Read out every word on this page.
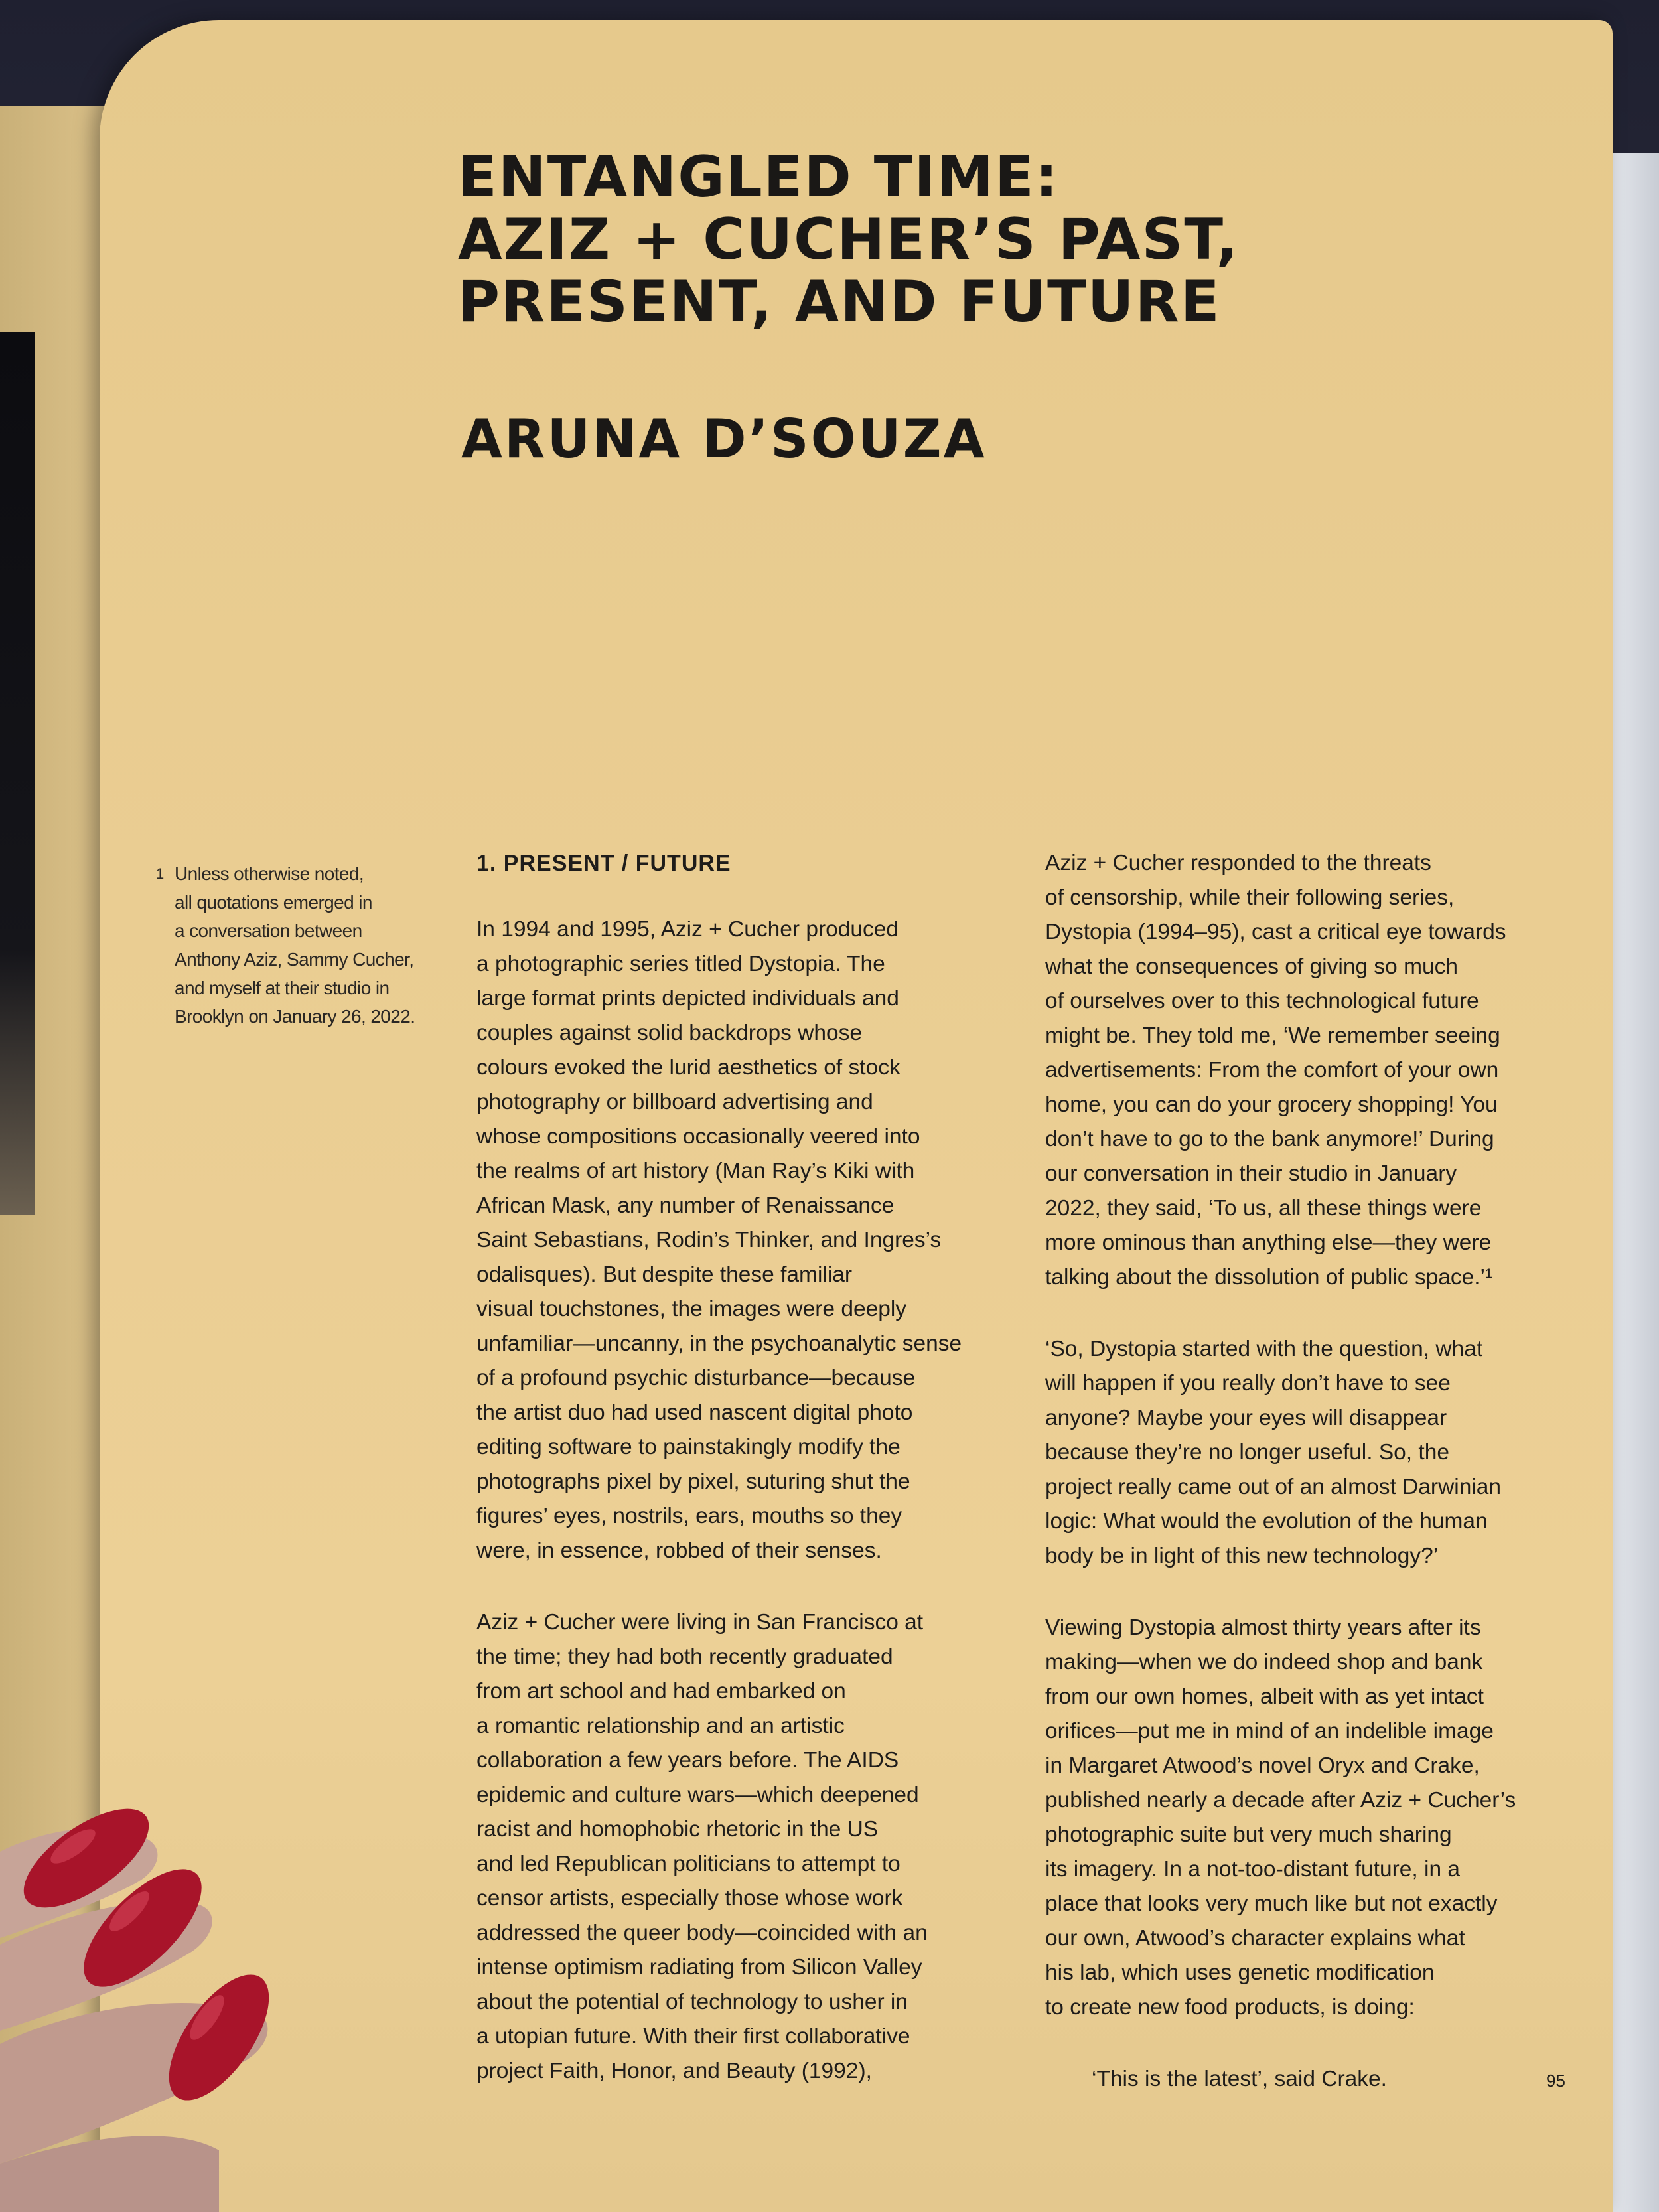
ENTANGLED TIME:
AZIZ + CUCHER’S PAST,
PRESENT, AND FUTURE
ARUNA D’SOUZA
1 Unless otherwise noted,
all quotations emerged in
a conversation between
Anthony Aziz, Sammy Cucher,
and myself at their studio in
Brooklyn on January 26, 2022.
1. PRESENT / FUTURE
In 1994 and 1995, Aziz + Cucher produced
a photographic series titled Dystopia. The
large format prints depicted individuals and
couples against solid backdrops whose
colours evoked the lurid aesthetics of stock
photography or billboard advertising and
whose compositions occasionally veered into
the realms of art history (Man Ray’s Kiki with
African Mask, any number of Renaissance
Saint Sebastians, Rodin’s Thinker, and Ingres’s
odalisques). But despite these familiar
visual touchstones, the images were deeply
unfamiliar—uncanny, in the psychoanalytic sense
of a profound psychic disturbance—because
the artist duo had used nascent digital photo
editing software to painstakingly modify the
photographs pixel by pixel, suturing shut the
figures’ eyes, nostrils, ears, mouths so they
were, in essence, robbed of their senses.
Aziz + Cucher were living in San Francisco at
the time; they had both recently graduated
from art school and had embarked on
a romantic relationship and an artistic
collaboration a few years before. The AIDS
epidemic and culture wars—which deepened
racist and homophobic rhetoric in the US
and led Republican politicians to attempt to
censor artists, especially those whose work
addressed the queer body—coincided with an
intense optimism radiating from Silicon Valley
about the potential of technology to usher in
a utopian future. With their first collaborative
project Faith, Honor, and Beauty (1992),
Aziz + Cucher responded to the threats
of censorship, while their following series,
Dystopia (1994–95), cast a critical eye towards
what the consequences of giving so much
of ourselves over to this technological future
might be. They told me, ‘We remember seeing
advertisements: From the comfort of your own
home, you can do your grocery shopping! You
don’t have to go to the bank anymore!’ During
our conversation in their studio in January
2022, they said, ‘To us, all these things were
more ominous than anything else—they were
talking about the dissolution of public space.’¹
‘So, Dystopia started with the question, what
will happen if you really don’t have to see
anyone? Maybe your eyes will disappear
because they’re no longer useful. So, the
project really came out of an almost Darwinian
logic: What would the evolution of the human
body be in light of this new technology?’
Viewing Dystopia almost thirty years after its
making—when we do indeed shop and bank
from our own homes, albeit with as yet intact
orifices—put me in mind of an indelible image
in Margaret Atwood’s novel Oryx and Crake,
published nearly a decade after Aziz + Cucher’s
photographic suite but very much sharing
its imagery. In a not-too-distant future, in a
place that looks very much like but not exactly
our own, Atwood’s character explains what
his lab, which uses genetic modification
to create new food products, is doing:
‘This is the latest’, said Crake.	95
